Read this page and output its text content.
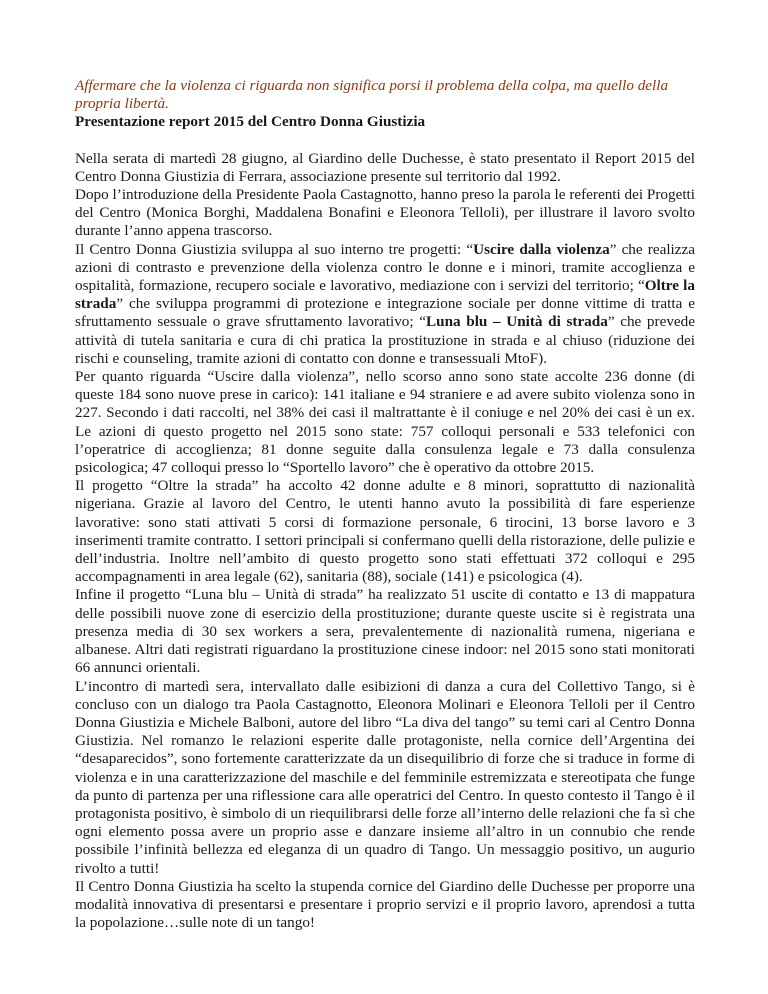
Affermare che la violenza ci riguarda non significa porsi il problema della colpa, ma quello della propria libertà.

Presentazione report 2015 del Centro Donna Giustizia

Nella serata di martedì 28 giugno, al Giardino delle Duchesse, è stato presentato il Report 2015 del Centro Donna Giustizia di Ferrara, associazione presente sul territorio dal 1992.

Dopo l’introduzione della Presidente Paola Castagnotto, hanno preso la parola le referenti dei Progetti del Centro (Monica Borghi, Maddalena Bonafini e Eleonora Telloli), per illustrare il lavoro svolto durante l’anno appena trascorso.

Il Centro Donna Giustizia sviluppa al suo interno tre progetti: “Uscire dalla violenza” che realizza azioni di contrasto e prevenzione della violenza contro le donne e i minori, tramite accoglienza e ospitalità, formazione, recupero sociale e lavorativo, mediazione con i servizi del territorio; “Oltre la strada” che sviluppa programmi di protezione e integrazione sociale per donne vittime di tratta e sfruttamento sessuale o grave sfruttamento lavorativo; “Luna blu – Unità di strada” che prevede attività di tutela sanitaria e cura di chi pratica la prostituzione in strada e al chiuso (riduzione dei rischi e counseling, tramite azioni di contatto con donne e transessuali MtoF).

Per quanto riguarda “Uscire dalla violenza”, nello scorso anno sono state accolte 236 donne (di queste 184 sono nuove prese in carico): 141 italiane e 94 straniere e ad avere subito violenza sono in 227. Secondo i dati raccolti, nel 38% dei casi il maltrattante è il coniuge e nel 20% dei casi è un ex. Le azioni di questo progetto nel 2015 sono state: 757 colloqui personali e 533 telefonici con l’operatrice di accoglienza; 81 donne seguite dalla consulenza legale e 73 dalla consulenza psicologica; 47 colloqui presso lo “Sportello lavoro” che è operativo da ottobre 2015.

Il progetto “Oltre la strada” ha accolto 42 donne adulte e 8 minori, soprattutto di nazionalità nigeriana. Grazie al lavoro del Centro, le utenti hanno avuto la possibilità di fare esperienze lavorative: sono stati attivati 5 corsi di formazione personale, 6 tirocini, 13 borse lavoro e 3 inserimenti tramite contratto. I settori principali si confermano quelli della ristorazione, delle pulizie e dell’industria. Inoltre nell’ambito di questo progetto sono stati effettuati 372 colloqui e 295 accompagnamenti in area legale (62), sanitaria (88), sociale (141) e psicologica (4).

Infine il progetto “Luna blu – Unità di strada” ha realizzato 51 uscite di contatto e 13 di mappatura delle possibili nuove zone di esercizio della prostituzione; durante queste uscite si è registrata una presenza media di 30 sex workers a sera, prevalentemente di nazionalità rumena, nigeriana e albanese. Altri dati registrati riguardano la prostituzione cinese indoor: nel 2015 sono stati monitorati 66 annunci orientali.

L’incontro di martedì sera, intervallato dalle esibizioni di danza a cura del Collettivo Tango, si è concluso con un dialogo tra Paola Castagnotto, Eleonora Molinari e Eleonora Telloli per il Centro Donna Giustizia e Michele Balboni, autore del libro “La diva del tango” su temi cari al Centro Donna Giustizia. Nel romanzo le relazioni esperite dalle protagoniste, nella cornice dell’Argentina dei “desaparecidos”, sono fortemente caratterizzate da un disequilibrio di forze che si traduce in forme di violenza e in una caratterizzazione del maschile e del femminile estremizzata e stereotipata che funge da punto di partenza per una riflessione cara alle operatrici del Centro. In questo contesto il Tango è il protagonista positivo, è simbolo di un riequilibrarsi delle forze all’interno delle relazioni che fa sì che ogni elemento possa avere un proprio asse e danzare insieme all’altro in un connubio che rende possibile l’infinità bellezza ed eleganza di un quadro di Tango. Un messaggio positivo, un augurio rivolto a tutti!

Il Centro Donna Giustizia ha scelto la stupenda cornice del Giardino delle Duchesse per proporre una modalità innovativa di presentarsi e presentare i proprio servizi e il proprio lavoro, aprendosi a tutta la popolazione…sulle note di un tango!
